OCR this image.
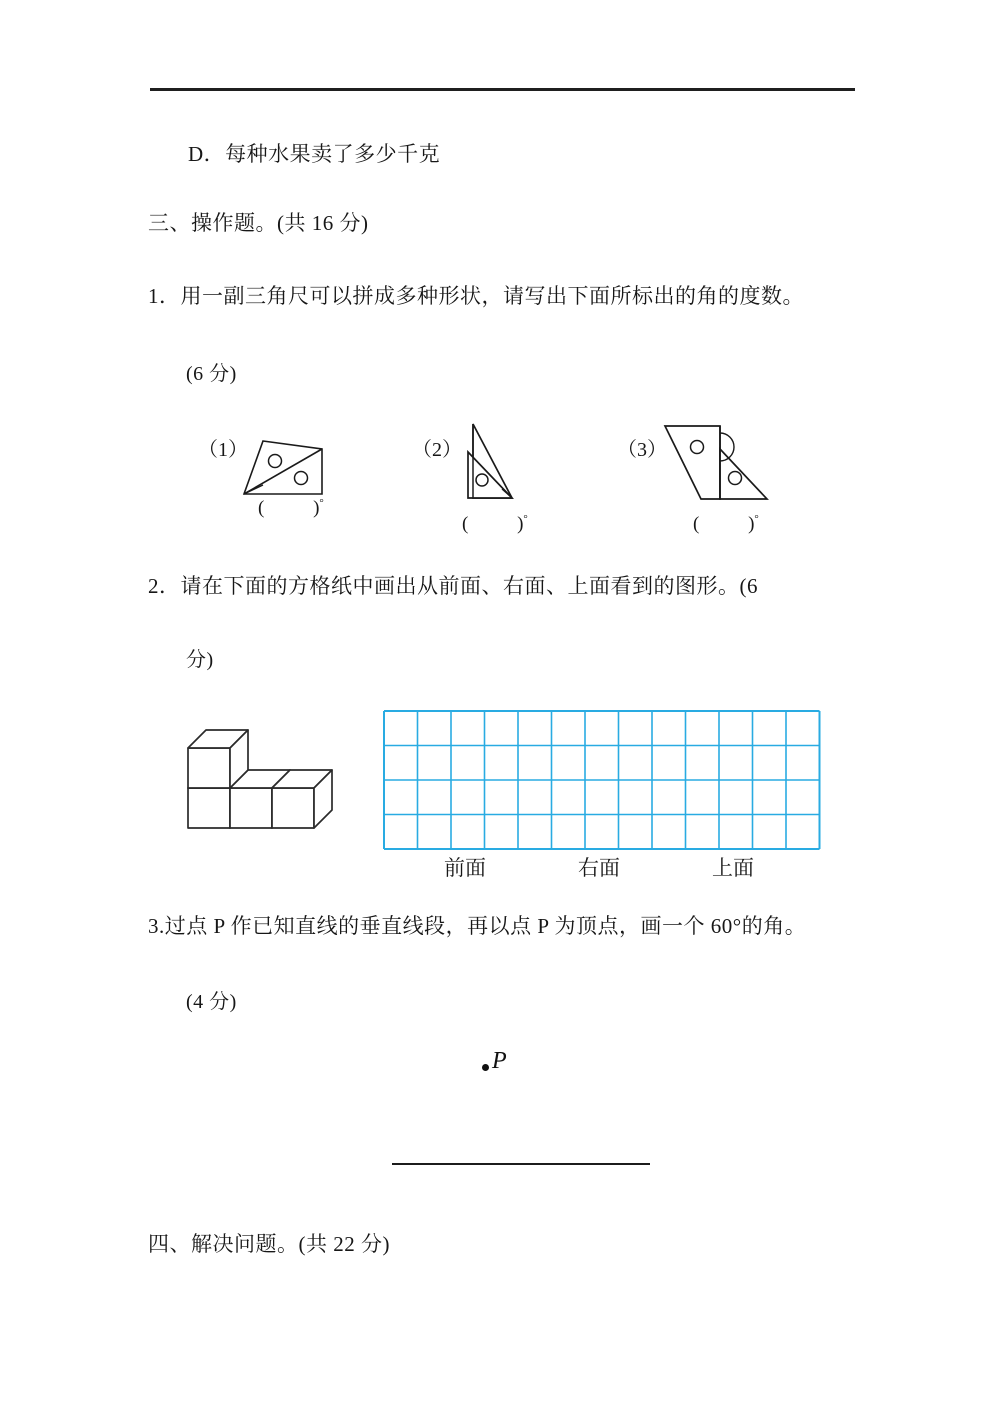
D．每种水果卖了多少千克
三、操作题。(共 16 分)
1．用一副三角尺可以拼成多种形状，请写出下面所标出的角的度数。
(6 分)
（1）
(	)°
（2）
(	)°
（3）
(	)°
2．请在下面的方格纸中画出从前面、右面、上面看到的图形。(6
分)
前面	右面	上面
3.过点 P 作已知直线的垂直线段，再以点 P 为顶点，画一个 60°的角。
(4 分)
P
四、解决问题。(共 22 分)
